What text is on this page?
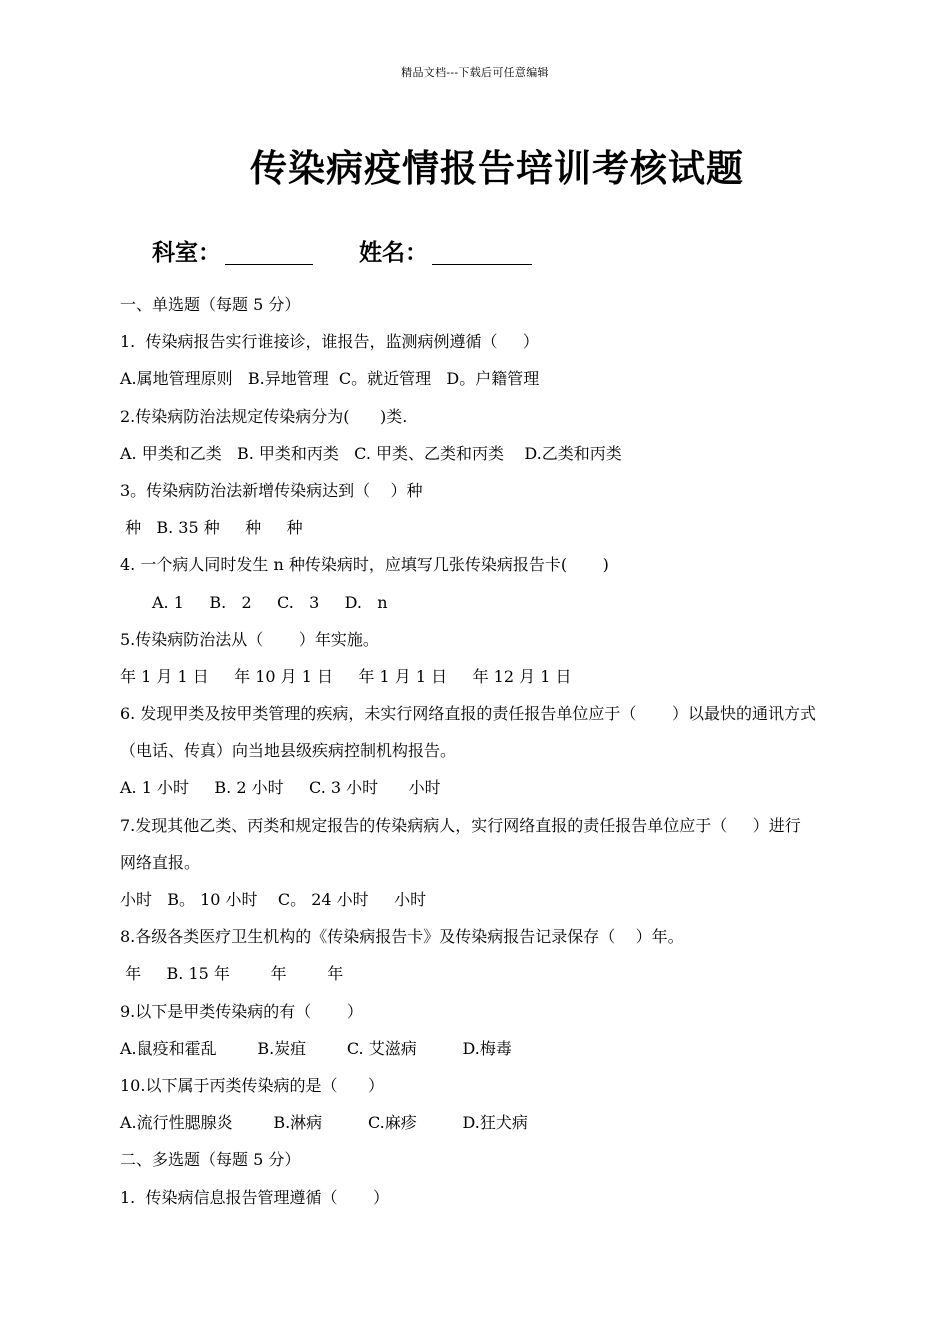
精品文档---下载后可任意编辑
传染病疫情报告培训考核试题
科室：	姓名：
一、单选题（每题 5 分）
1.  传染病报告实行谁接诊，谁报告，监测病例遵循（     ）
A.属地管理原则   B.异地管理  C。就近管理   D。户籍管理
2.传染病防治法规定传染病分为(      )类.
A. 甲类和乙类   B. 甲类和丙类   C. 甲类、乙类和丙类    D.乙类和丙类
3。传染病防治法新增传染病达到（    ）种
种   B. 35 种     种     种
4. 一个病人同时发生 n 种传染病时，应填写几张传染病报告卡(       )
A. 1     B.   2     C.   3     D.   n
5.传染病防治法从（       ）年实施。
年 1 月 1 日     年 10 月 1 日     年 1 月 1 日     年 12 月 1 日
6. 发现甲类及按甲类管理的疾病，未实行网络直报的责任报告单位应于（       ）以最快的通讯方式
（电话、传真）向当地县级疾病控制机构报告。
A. 1 小时     B. 2 小时     C. 3 小时      小时
7.发现其他乙类、丙类和规定报告的传染病病人，实行网络直报的责任报告单位应于（     ）进行
网络直报。
小时   B。 10 小时    C。 24 小时     小时
8.各级各类医疗卫生机构的《传染病报告卡》及传染病报告记录保存（    ）年。
年     B. 15 年        年        年
9.以下是甲类传染病的有（       ）
A.鼠疫和霍乱        B.炭疽        C. 艾滋病         D.梅毒
10.以下属于丙类传染病的是（      ）
A.流行性腮腺炎        B.淋病         C.麻疹         D.狂犬病
二、多选题（每题 5 分）
1.  传染病信息报告管理遵循（       ）
